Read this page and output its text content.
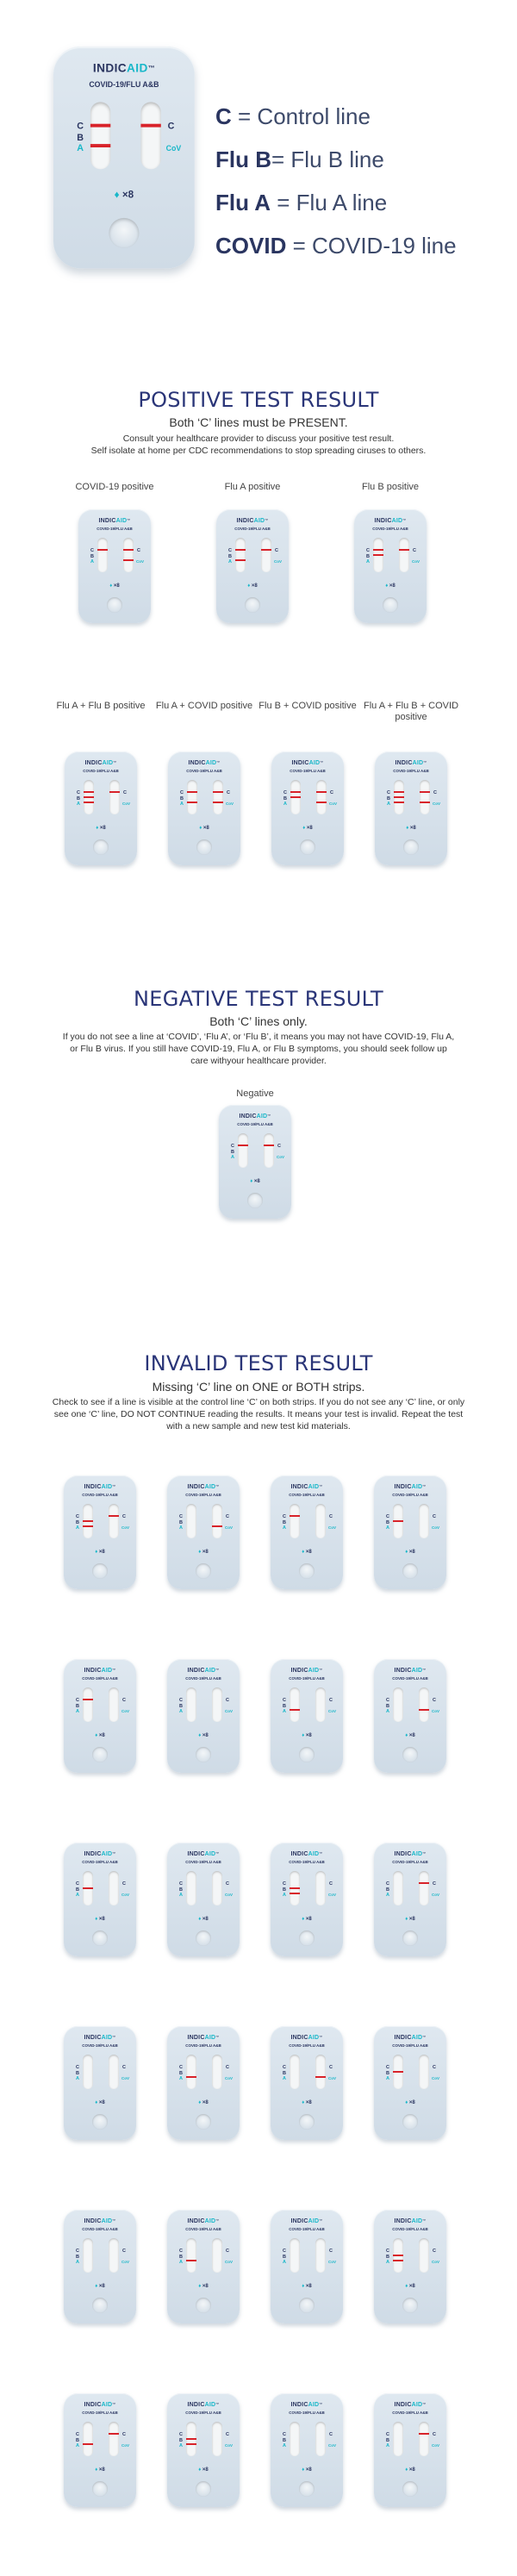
C = Control line
Flu B= Flu B line
Flu A = Flu A line
COVID = COVID-19 line
POSITIVE TEST RESULT
Both ‘C’ lines must be PRESENT.
Consult your healthcare provider to discuss your positive test result.
Self isolate at home per CDC recommendations to stop spreading ciruses to others.
COVID-19 positive	Flu A positive	Flu B positive
Flu A + Flu B positive	Flu A + COVID positive Flu B + COVID positive Flu A + Flu B + COVID positive
NEGATIVE TEST RESULT
Both ‘C’ lines only.
If you do not see a line at ‘COVID’, ‘Flu A’, or ‘Flu B’, it means you may not have COVID-19, Flu A, or Flu B virus. If you still have COVID-19, Flu A, or Flu B symptoms, you should seek follow up care withyour healthcare provider.
Negative
INVALID TEST RESULT
Missing ‘C’ line on ONE or BOTH strips.
Check to see if a line is visible at the control line ‘C’ on both strips. If you do not see any ‘C’ line, or only see one ‘C’ line, DO NOT CONTINUE reading the results. It means your test is invalid. Repeat the test with a new sample and new test kid materials.
INDICAID™
COVID-19/FLU A&B
C
B
A
C
CoV
♦ ×8
INDICAID™
COVID-19/FLU A&B
C
B
A
C
CoV
♦ ×8
INDICAID™
COVID-19/FLU A&B
C
B
A
C
CoV
♦ ×8
INDICAID™
COVID-19/FLU A&B
C
B
A
C
CoV
♦ ×8
INDICAID™
COVID-19/FLU A&B
C
B
A
C
CoV
♦ ×8
INDICAID™
COVID-19/FLU A&B
C
B
A
C
CoV
♦ ×8
INDICAID™
COVID-19/FLU A&B
C
B
A
C
CoV
♦ ×8
INDICAID™
COVID-19/FLU A&B
C
B
A
C
CoV
♦ ×8
INDICAID™
COVID-19/FLU A&B
C
B
A
C
CoV
♦ ×8
INDICAID™
COVID-19/FLU A&B
C
B
A
C
CoV
♦ ×8
INDICAID™
COVID-19/FLU A&B
C
B
A
C
CoV
♦ ×8
INDICAID™
COVID-19/FLU A&B
C
B
A
C
CoV
♦ ×8
INDICAID™
COVID-19/FLU A&B
C
B
A
C
CoV
♦ ×8
INDICAID™
COVID-19/FLU A&B
C
B
A
C
CoV
♦ ×8
INDICAID™
COVID-19/FLU A&B
C
B
A
C
CoV
♦ ×8
INDICAID™
COVID-19/FLU A&B
C
B
A
C
CoV
♦ ×8
INDICAID™
COVID-19/FLU A&B
C
B
A
C
CoV
♦ ×8
INDICAID™
COVID-19/FLU A&B
C
B
A
C
CoV
♦ ×8
INDICAID™
COVID-19/FLU A&B
C
B
A
C
CoV
♦ ×8
INDICAID™
COVID-19/FLU A&B
C
B
A
C
CoV
♦ ×8
INDICAID™
COVID-19/FLU A&B
C
B
A
C
CoV
♦ ×8
INDICAID™
COVID-19/FLU A&B
C
B
A
C
CoV
♦ ×8
INDICAID™
COVID-19/FLU A&B
C
B
A
C
CoV
♦ ×8
INDICAID™
COVID-19/FLU A&B
C
B
A
C
CoV
♦ ×8
INDICAID™
COVID-19/FLU A&B
C
B
A
C
CoV
♦ ×8
INDICAID™
COVID-19/FLU A&B
C
B
A
C
CoV
♦ ×8
INDICAID™
COVID-19/FLU A&B
C
B
A
C
CoV
♦ ×8
INDICAID™
COVID-19/FLU A&B
C
B
A
C
CoV
♦ ×8
INDICAID™
COVID-19/FLU A&B
C
B
A
C
CoV
♦ ×8
INDICAID™
COVID-19/FLU A&B
C
B
A
C
CoV
♦ ×8
INDICAID™
COVID-19/FLU A&B
C
B
A
C
CoV
♦ ×8
INDICAID™
COVID-19/FLU A&B
C
B
A
C
CoV
♦ ×8
INDICAID™
COVID-19/FLU A&B
C
B
A
C
CoV
♦ ×8
